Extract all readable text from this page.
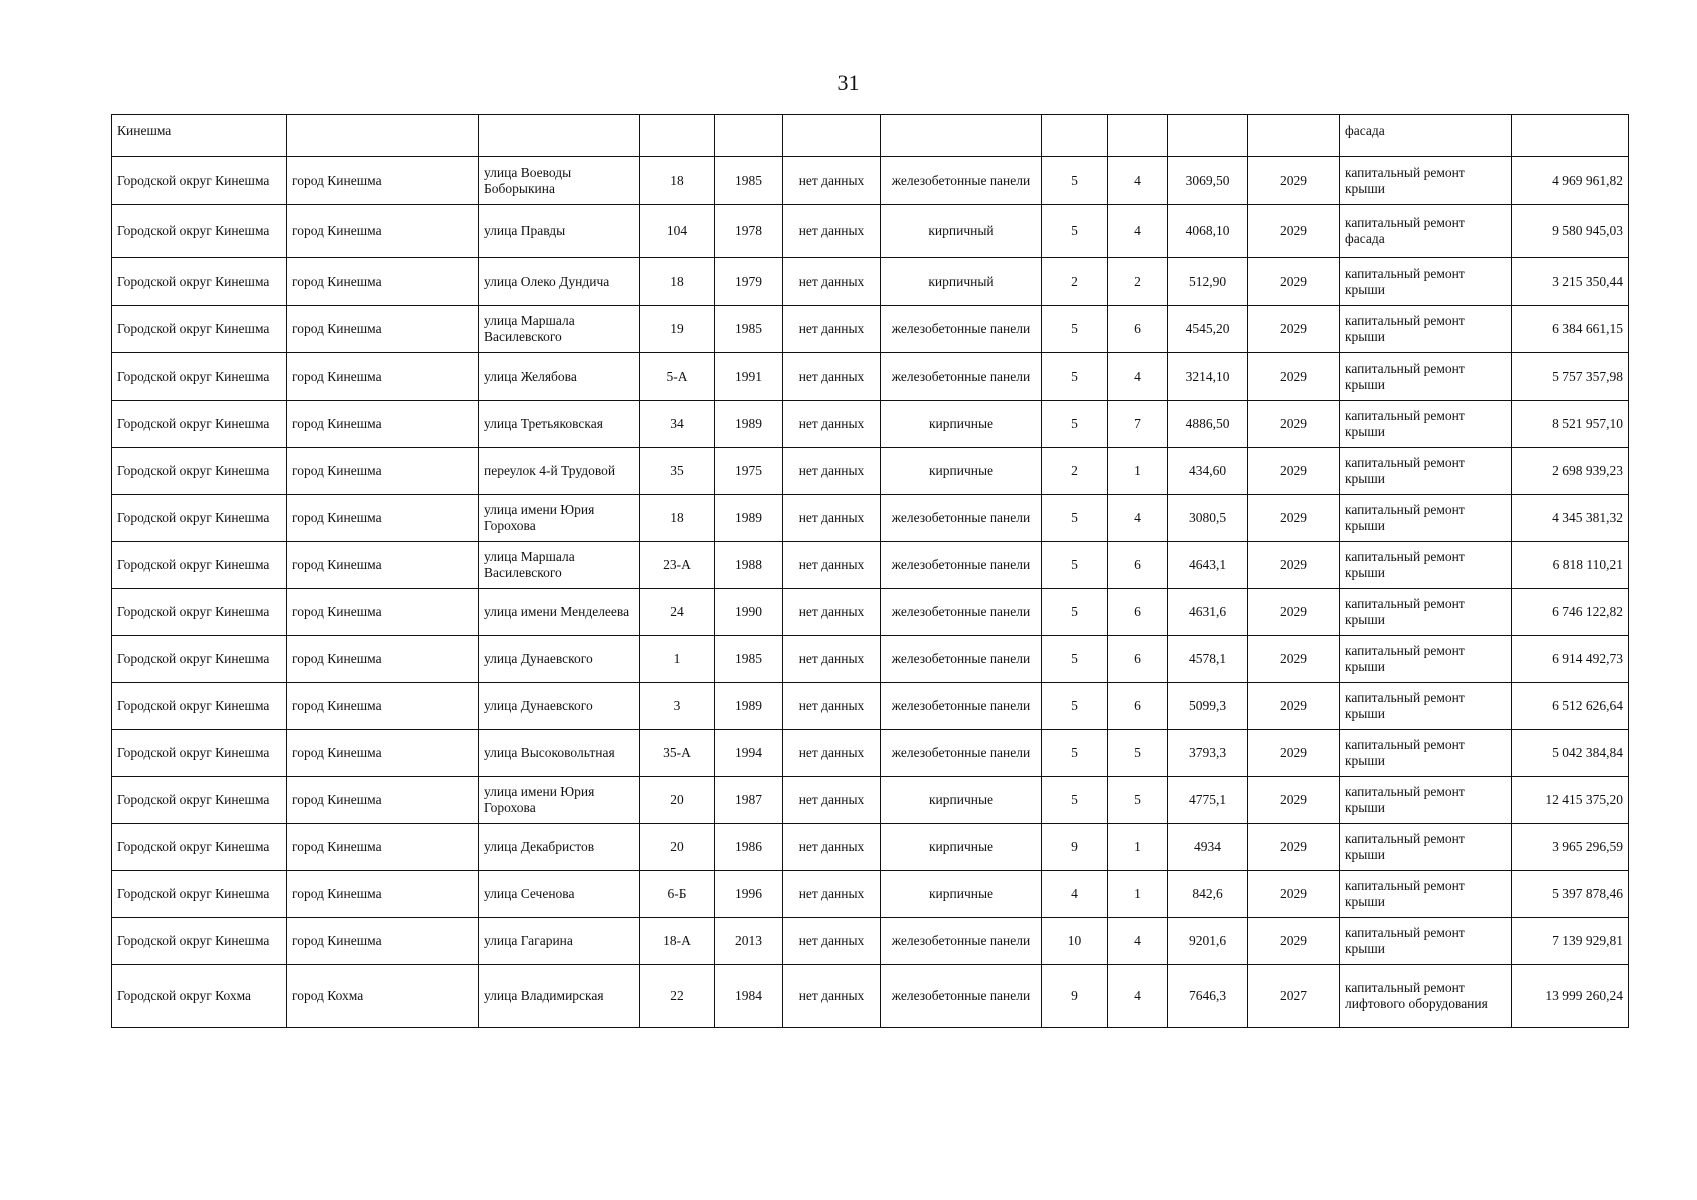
31
Кинешма											фасада	
Городской округ Кинешма	город Кинешма	улица Воеводы Боборыкина	18	1985	нет данных	железобетонные панели	5	4	3069,50	2029	капитальный ремонт крыши	4 969 961,82
Городской округ Кинешма	город Кинешма	улица Правды	104	1978	нет данных	кирпичный	5	4	4068,10	2029	капитальный ремонт фасада	9 580 945,03
Городской округ Кинешма	город Кинешма	улица Олеко Дундича	18	1979	нет данных	кирпичный	2	2	512,90	2029	капитальный ремонт крыши	3 215 350,44
Городской округ Кинешма	город Кинешма	улица Маршала Василевского	19	1985	нет данных	железобетонные панели	5	6	4545,20	2029	капитальный ремонт крыши	6 384 661,15
Городской округ Кинешма	город Кинешма	улица Желябова	5-А	1991	нет данных	железобетонные панели	5	4	3214,10	2029	капитальный ремонт крыши	5 757 357,98
Городской округ Кинешма	город Кинешма	улица Третьяковская	34	1989	нет данных	кирпичные	5	7	4886,50	2029	капитальный ремонт крыши	8 521 957,10
Городской округ Кинешма	город Кинешма	переулок 4-й Трудовой	35	1975	нет данных	кирпичные	2	1	434,60	2029	капитальный ремонт крыши	2 698 939,23
Городской округ Кинешма	город Кинешма	улица имени Юрия Горохова	18	1989	нет данных	железобетонные панели	5	4	3080,5	2029	капитальный ремонт крыши	4 345 381,32
Городской округ Кинешма	город Кинешма	улица Маршала Василевского	23-А	1988	нет данных	железобетонные панели	5	6	4643,1	2029	капитальный ремонт крыши	6 818 110,21
Городской округ Кинешма	город Кинешма	улица имени Менделеева	24	1990	нет данных	железобетонные панели	5	6	4631,6	2029	капитальный ремонт крыши	6 746 122,82
Городской округ Кинешма	город Кинешма	улица Дунаевского	1	1985	нет данных	железобетонные панели	5	6	4578,1	2029	капитальный ремонт крыши	6 914 492,73
Городской округ Кинешма	город Кинешма	улица Дунаевского	3	1989	нет данных	железобетонные панели	5	6	5099,3	2029	капитальный ремонт крыши	6 512 626,64
Городской округ Кинешма	город Кинешма	улица Высоковольтная	35-А	1994	нет данных	железобетонные панели	5	5	3793,3	2029	капитальный ремонт крыши	5 042 384,84
Городской округ Кинешма	город Кинешма	улица имени Юрия Горохова	20	1987	нет данных	кирпичные	5	5	4775,1	2029	капитальный ремонт крыши	12 415 375,20
Городской округ Кинешма	город Кинешма	улица Декабристов	20	1986	нет данных	кирпичные	9	1	4934	2029	капитальный ремонт крыши	3 965 296,59
Городской округ Кинешма	город Кинешма	улица Сеченова	6-Б	1996	нет данных	кирпичные	4	1	842,6	2029	капитальный ремонт крыши	5 397 878,46
Городской округ Кинешма	город Кинешма	улица Гагарина	18-А	2013	нет данных	железобетонные панели	10	4	9201,6	2029	капитальный ремонт крыши	7 139 929,81
Городской округ Кохма	город Кохма	улица Владимирская	22	1984	нет данных	железобетонные панели	9	4	7646,3	2027	капитальный ремонт лифтового оборудования	13 999 260,24
